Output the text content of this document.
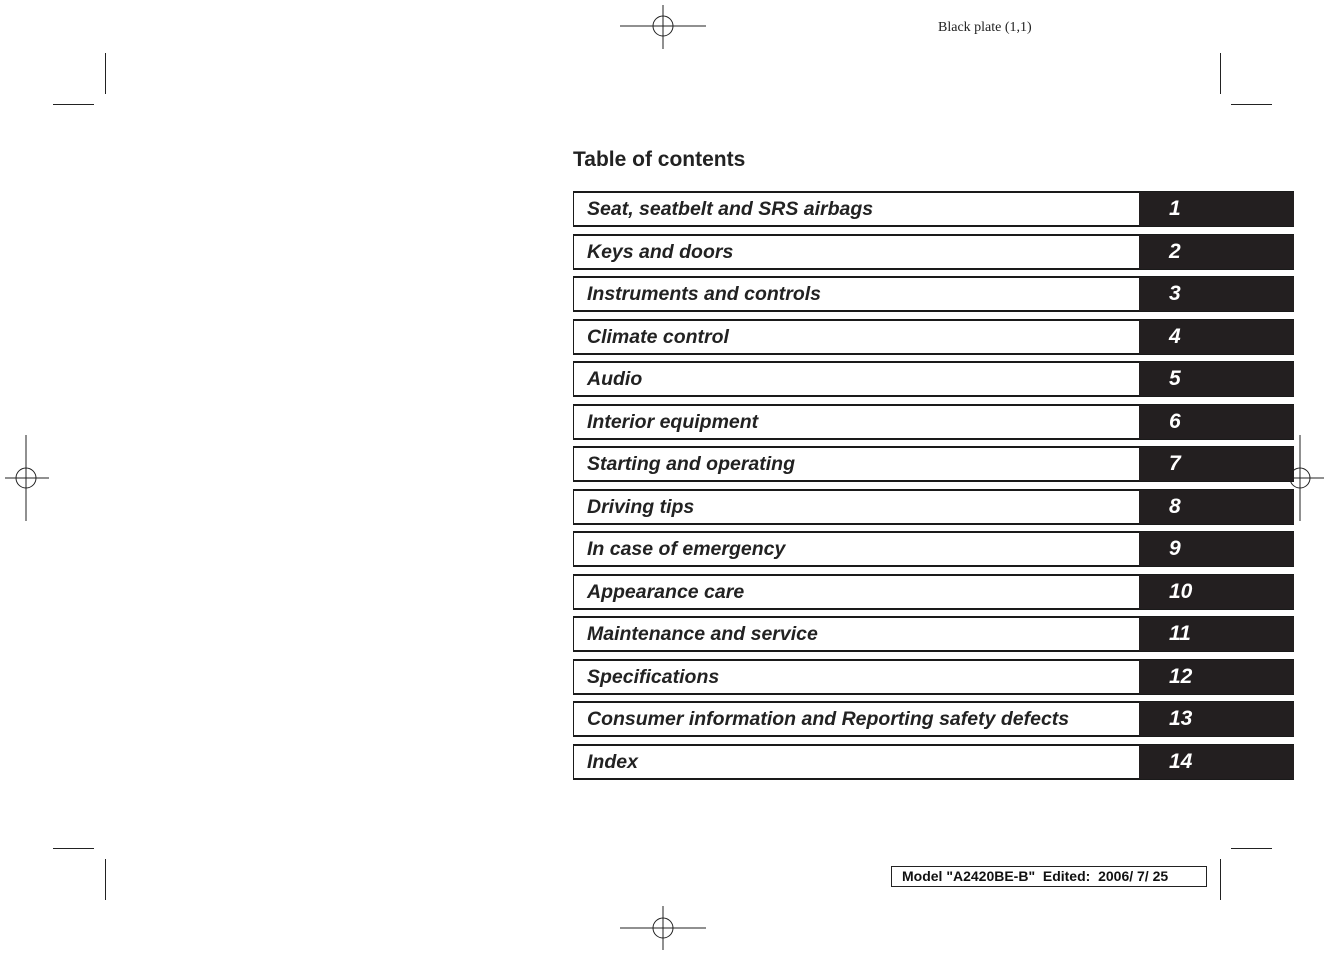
Black plate (1,1)
Table of contents
Seat, seatbelt and SRS airbags	1
Keys and doors	2
Instruments and controls	3
Climate control	4
Audio	5
Interior equipment	6
Starting and operating	7
Driving tips	8
In case of emergency	9
Appearance care	10
Maintenance and service	11
Specifications	12
Consumer information and Reporting safety defects	13
Index	14
Model "A2420BE-B"  Edited:  2006/ 7/ 25
